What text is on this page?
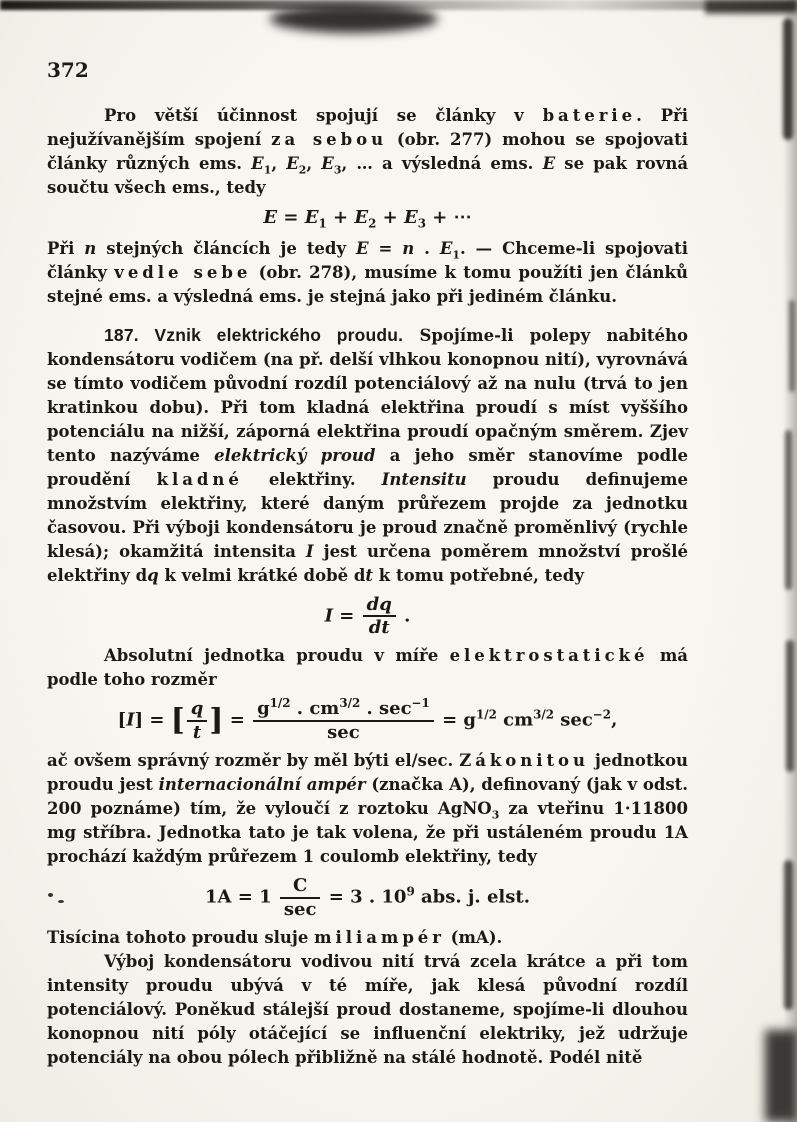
372
Pro větší účinnost spojují se články v baterie. Při nejužívanějším spojení za sebou (obr. 277) mohou se spojovati články různých ems. $E_1$, $E_2$, $E_3$, … a výsledná ems. E se pak rovná součtu všech ems., tedy
$E = E_1 + E_2 + E_3$ + ⋯
Při n stejných článcích je tedy E = n . $E_1$. — Chceme-li spojovati články vedle sebe (obr. 278), musíme k tomu použíti jen článků stejné ems. a výsledná ems. je stejná jako při jediném článku.
187. Vznik elektrického proudu. Spojíme-li polepy nabitého kondensátoru vodičem (na př. delší vlhkou konopnou nití), vyrovnává se tímto vodičem původní rozdíl potenciálový až na nulu (trvá to jen kratinkou dobu). Při tom kladná elektřina proudí s míst vyššího potenciálu na nižší, záporná elektřina proudí opačným směrem. Zjev tento nazýváme elektrický proud a jeho směr stanovíme podle proudění kladné elektřiny. Intensitu proudu definujeme množstvím elektřiny, které daným průřezem projde za jednotku časovou. Při výboji kondensátoru je proud značně proměnlivý (rychle klesá); okamžitá intensita I jest určena poměrem množství prošlé elektřiny dq k velmi krátké době dt k tomu potřebné, tedy
$I = \frac{dq}{dt}$ .
Absolutní jednotka proudu v míře elektrostatické má podle toho rozměr
[I] = [ $\frac{q}{t}$ ] = $\frac{g^{1/2} . cm^{3/2} . \sec^{-1}}{\sec} = g^{1/2}$ $cm^{3/2}$ $\sec^{-2}$,
ač ovšem správný rozměr by měl býti el/sec. Zákonitou jednotkou proudu jest internacionální ampér (značka A), definovaný (jak v odst. 200 poznáme) tím, že vyloučí z roztoku AgNO$_3$ za vteřinu 1·11800 mg stříbra. Jednotka tato je tak volena, že při ustáleném proudu 1A prochází každým průřezem 1 coulomb elektřiny, tedy
$1A = 1 \frac{C}{\sec} = 3$ . $10^9$ abs. j. elst.
Tisícina tohoto proudu sluje miliampér (mA).
Výboj kondensátoru vodivou nití trvá zcela krátce a při tom intensity proudu ubývá v té míře, jak klesá původní rozdíl potenciálový. Poněkud stálejší proud dostaneme, spojíme-li dlouhou konopnou nití póly otáčející se influenční elektriky, jež udržuje potenciály na obou pólech přibližně na stálé hodnotě. Podél nitě
